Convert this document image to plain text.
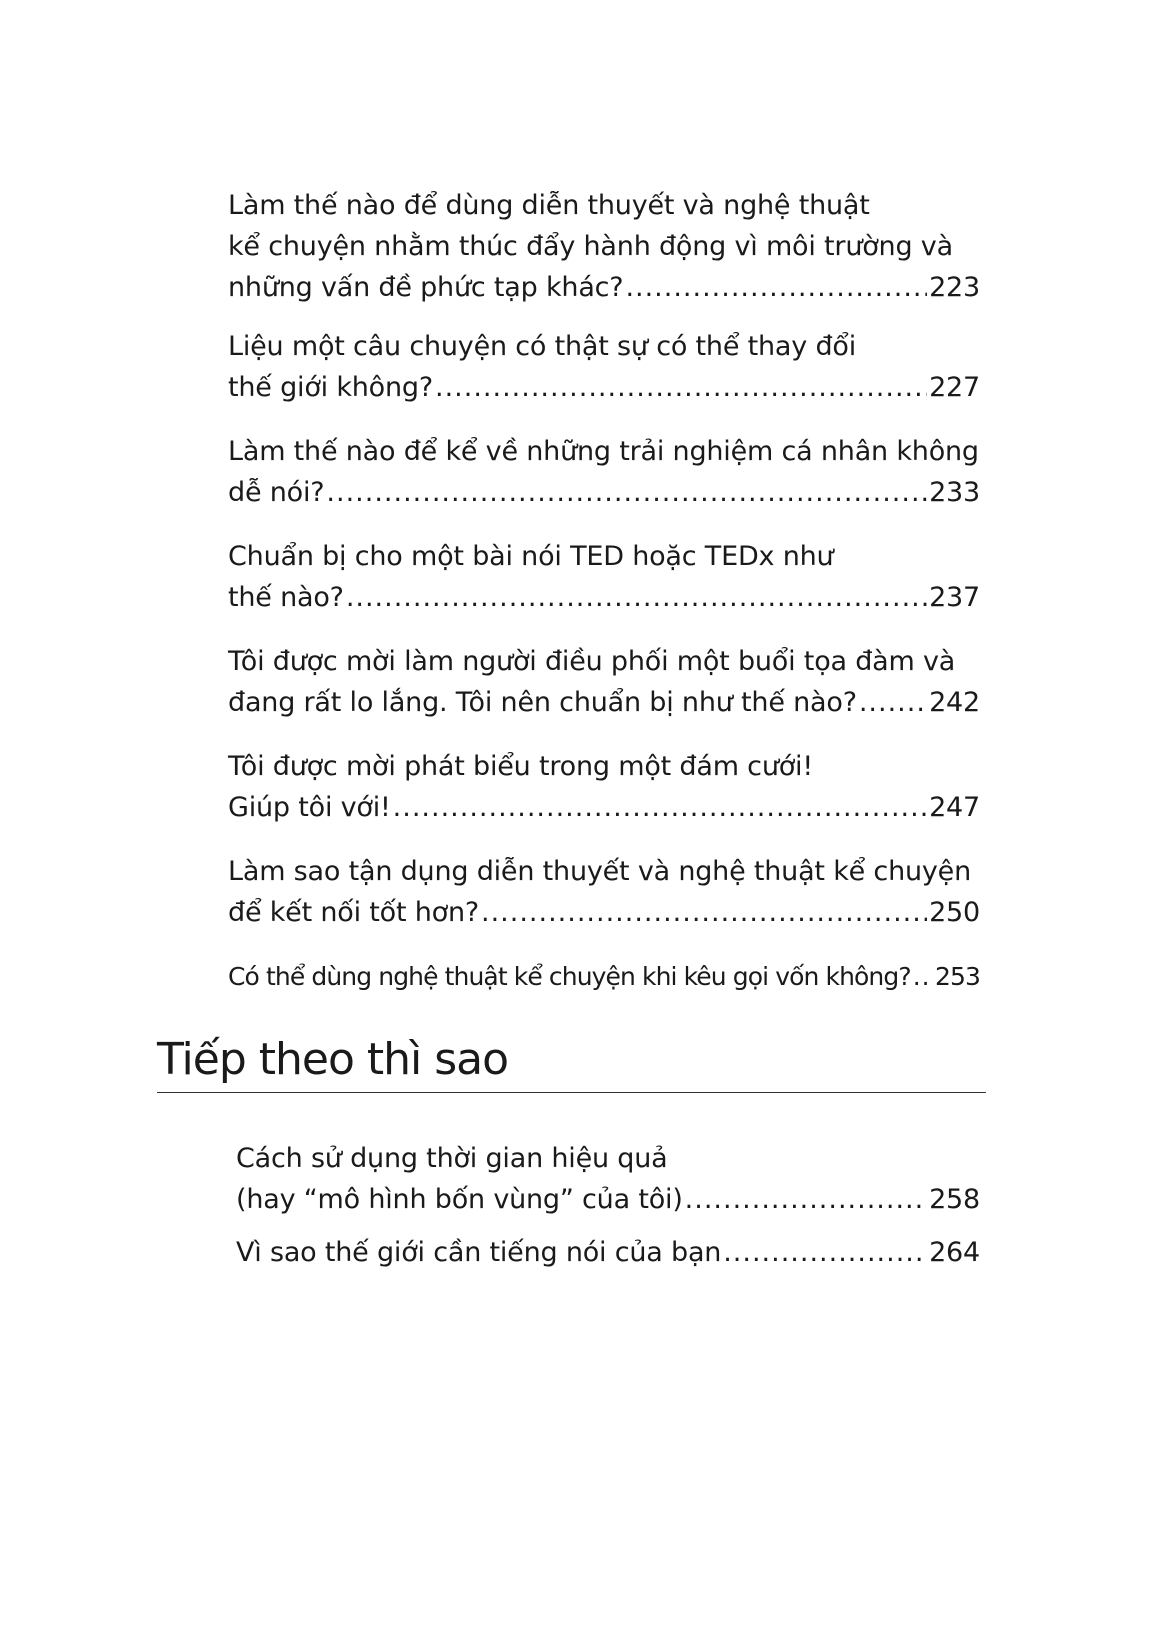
Làm thế nào để dùng diễn thuyết và nghệ thuật
kể chuyện nhằm thúc đẩy hành động vì môi trường và
những vấn đề phức tạp khác? .....	223
Liệu một câu chuyện có thật sự có thể thay đổi
thế giới không? .....	227
Làm thế nào để kể về những trải nghiệm cá nhân không
dễ nói? .....	233
Chuẩn bị cho một bài nói TED hoặc TEDx như
thế nào? .....	237
Tôi được mời làm người điều phối một buổi tọa đàm và
đang rất lo lắng. Tôi nên chuẩn bị như thế nào? .....	242
Tôi được mời phát biểu trong một đám cưới!
Giúp tôi với! .....	247
Làm sao tận dụng diễn thuyết và nghệ thuật kể chuyện
để kết nối tốt hơn? .....	250
Có thể dùng nghệ thuật kể chuyện khi kêu gọi vốn không? ..... 253
Tiếp theo thì sao
Cách sử dụng thời gian hiệu quả
(hay “mô hình bốn vùng” của tôi) .....	258
Vì sao thế giới cần tiếng nói của bạn .....	264
